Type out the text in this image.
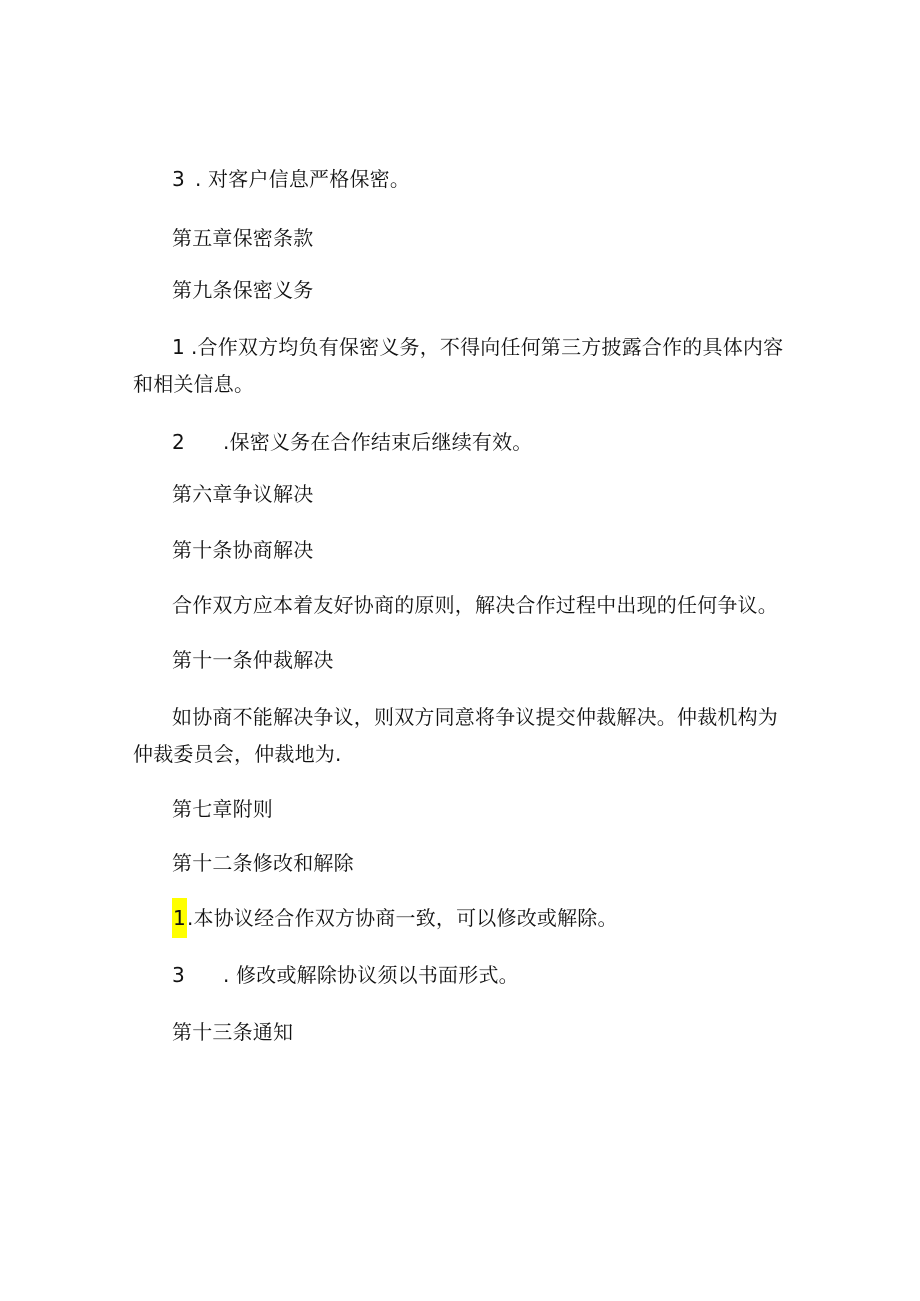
3 . 对客户信息严格保密。
第五章保密条款
第九条保密义务
1 .合作双方均负有保密义务，不得向任何第三方披露合作的具体内容
和相关信息。
2 .保密义务在合作结束后继续有效。
第六章争议解决
第十条协商解决
合作双方应本着友好协商的原则，解决合作过程中出现的任何争议。
第十一条仲裁解决
如协商不能解决争议，则双方同意将争议提交仲裁解决。仲裁机构为
仲裁委员会，仲裁地为.
第七章附则
第十二条修改和解除
1.本协议经合作双方协商一致，可以修改或解除。
3 . 修改或解除协议须以书面形式。
第十三条通知
